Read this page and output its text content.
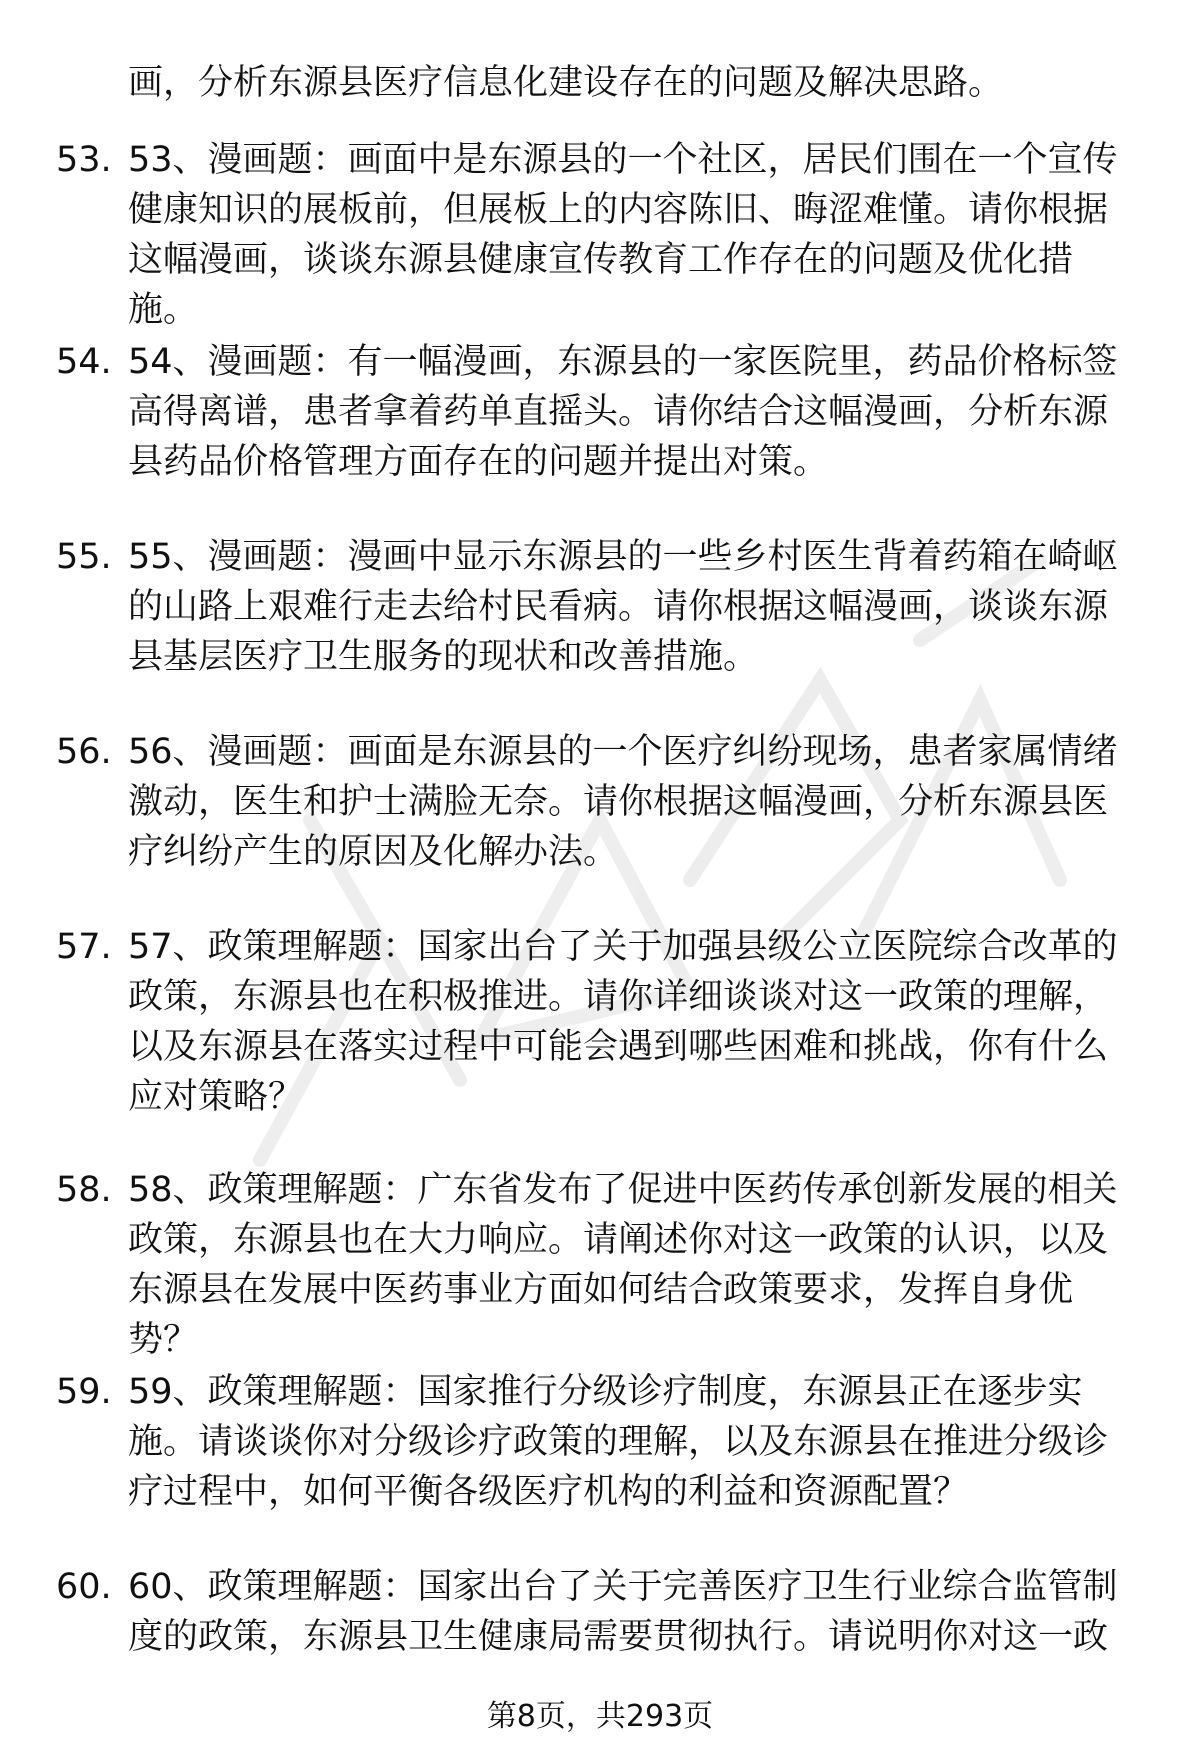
画，分析东源县医疗信息化建设存在的问题及解决思路。
53. 53、漫画题：画面中是东源县的一个社区，居民们围在一个宣传
健康知识的展板前，但展板上的内容陈旧、晦涩难懂。请你根据
这幅漫画，谈谈东源县健康宣传教育工作存在的问题及优化措
施。
54. 54、漫画题：有一幅漫画，东源县的一家医院里，药品价格标签
高得离谱，患者拿着药单直摇头。请你结合这幅漫画，分析东源
县药品价格管理方面存在的问题并提出对策。
55. 55、漫画题：漫画中显示东源县的一些乡村医生背着药箱在崎岖
的山路上艰难行走去给村民看病。请你根据这幅漫画，谈谈东源
县基层医疗卫生服务的现状和改善措施。
56. 56、漫画题：画面是东源县的一个医疗纠纷现场，患者家属情绪
激动，医生和护士满脸无奈。请你根据这幅漫画，分析东源县医
疗纠纷产生的原因及化解办法。
57. 57、政策理解题：国家出台了关于加强县级公立医院综合改革的
政策，东源县也在积极推进。请你详细谈谈对这一政策的理解，
以及东源县在落实过程中可能会遇到哪些困难和挑战，你有什么
应对策略？
58. 58、政策理解题：广东省发布了促进中医药传承创新发展的相关
政策，东源县也在大力响应。请阐述你对这一政策的认识，以及
东源县在发展中医药事业方面如何结合政策要求，发挥自身优
势？
59. 59、政策理解题：国家推行分级诊疗制度，东源县正在逐步实
施。请谈谈你对分级诊疗政策的理解，以及东源县在推进分级诊
疗过程中，如何平衡各级医疗机构的利益和资源配置？
60. 60、政策理解题：国家出台了关于完善医疗卫生行业综合监管制
度的政策，东源县卫生健康局需要贯彻执行。请说明你对这一政
第8页，共293页
